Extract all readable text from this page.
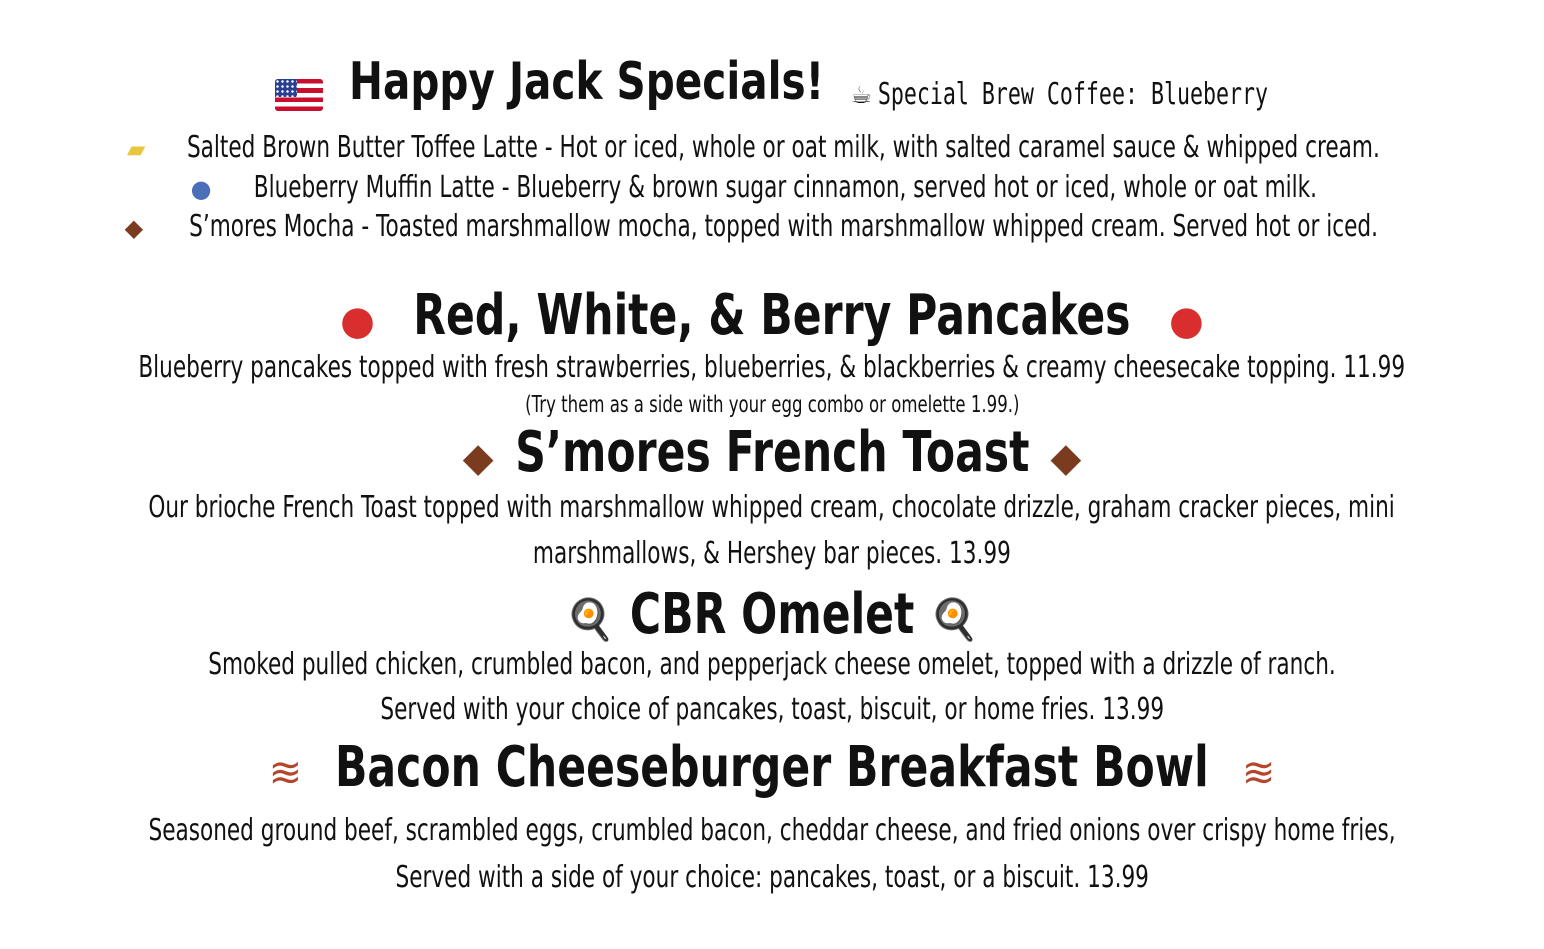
Happy Jack Specials! ☕ Special Brew Coffee: Blueberry
▰ Salted Brown Butter Toffee Latte - Hot or iced, whole or oat milk, with salted caramel sauce & whipped cream.
● Blueberry Muffin Latte - Blueberry & brown sugar cinnamon, served hot or iced, whole or oat milk.
◆ S’mores Mocha - Toasted marshmallow mocha, topped with marshmallow whipped cream. Served hot or iced.
● Red, White, & Berry Pancakes ●
Blueberry pancakes topped with fresh strawberries, blueberries, & blackberries & creamy cheesecake topping. 11.99
(Try them as a side with your egg combo or omelette 1.99.)
◆ S’mores French Toast ◆
Our brioche French Toast topped with marshmallow whipped cream, chocolate drizzle, graham cracker pieces, mini
marshmallows, & Hershey bar pieces. 13.99
🍳 CBR Omelet 🍳
Smoked pulled chicken, crumbled bacon, and pepperjack cheese omelet, topped with a drizzle of ranch.
Served with your choice of pancakes, toast, biscuit, or home fries. 13.99
≋ Bacon Cheeseburger Breakfast Bowl ≋
Seasoned ground beef, scrambled eggs, crumbled bacon, cheddar cheese, and fried onions over crispy home fries,
Served with a side of your choice: pancakes, toast, or a biscuit. 13.99
